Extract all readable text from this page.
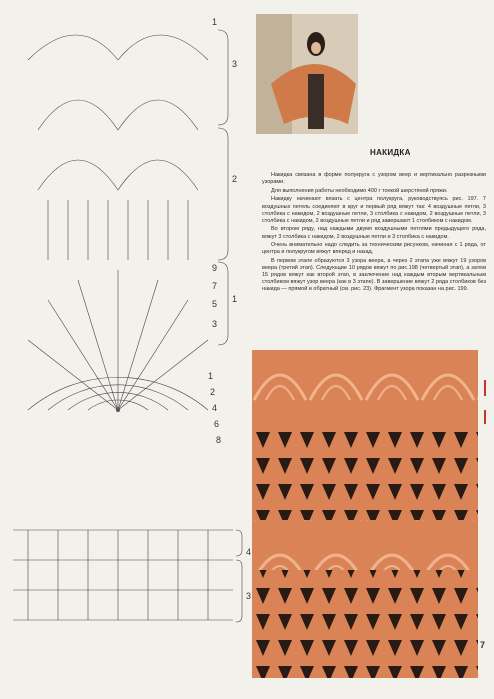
1
3
5
7
9
3
2
1
1
2
4
6
8
4
3
НАКИДКА

Накидка связана в форме полукруга с узором веер и вертикально разрезными узорами.

Для выполнения работы необходимо 400 г тонкой шерстяной пряжи.

Накидку начинают вязать с центра полукруга, руководствуясь рис. 197. 7 воздушных петель соединяют в круг и первый ряд вяжут так: 4 воздушные петли, 3 столбика с накидом, 2 воздушные петли, 3 столбика с накидом, 2 воздушные петли, 3 столбика с накидом, 2 воздушные петли и ряд завершают 1 столбиком с накидом.

Во втором ряду, над каждыми двумя воздушными петлями предыдущего ряда, вяжут 3 столбика с накидом, 2 воздушные петли и 3 столбика с накидом.

Очень внимательно надо следить за техническим рисунком, начиная с 1 ряда, от центра и полукругом вяжут вперед и назад.

В первом этапе образуются 3 узора веера, а через 2 этапа уже вяжут 19 узоров веера (третий этап). Следующие 10 рядов вяжут по рис.198 (четвертый этап), а затем 15 рядов вяжут как второй этап, в заключение над каждым вторым вертикальным столбиком вяжут узор веера (как в 3 этапе). В завершение вяжут 2 ряда столбиков без накида — прямой и обратный (см. рис. 23). Фрагмент узора показан на рис. 199.

7
